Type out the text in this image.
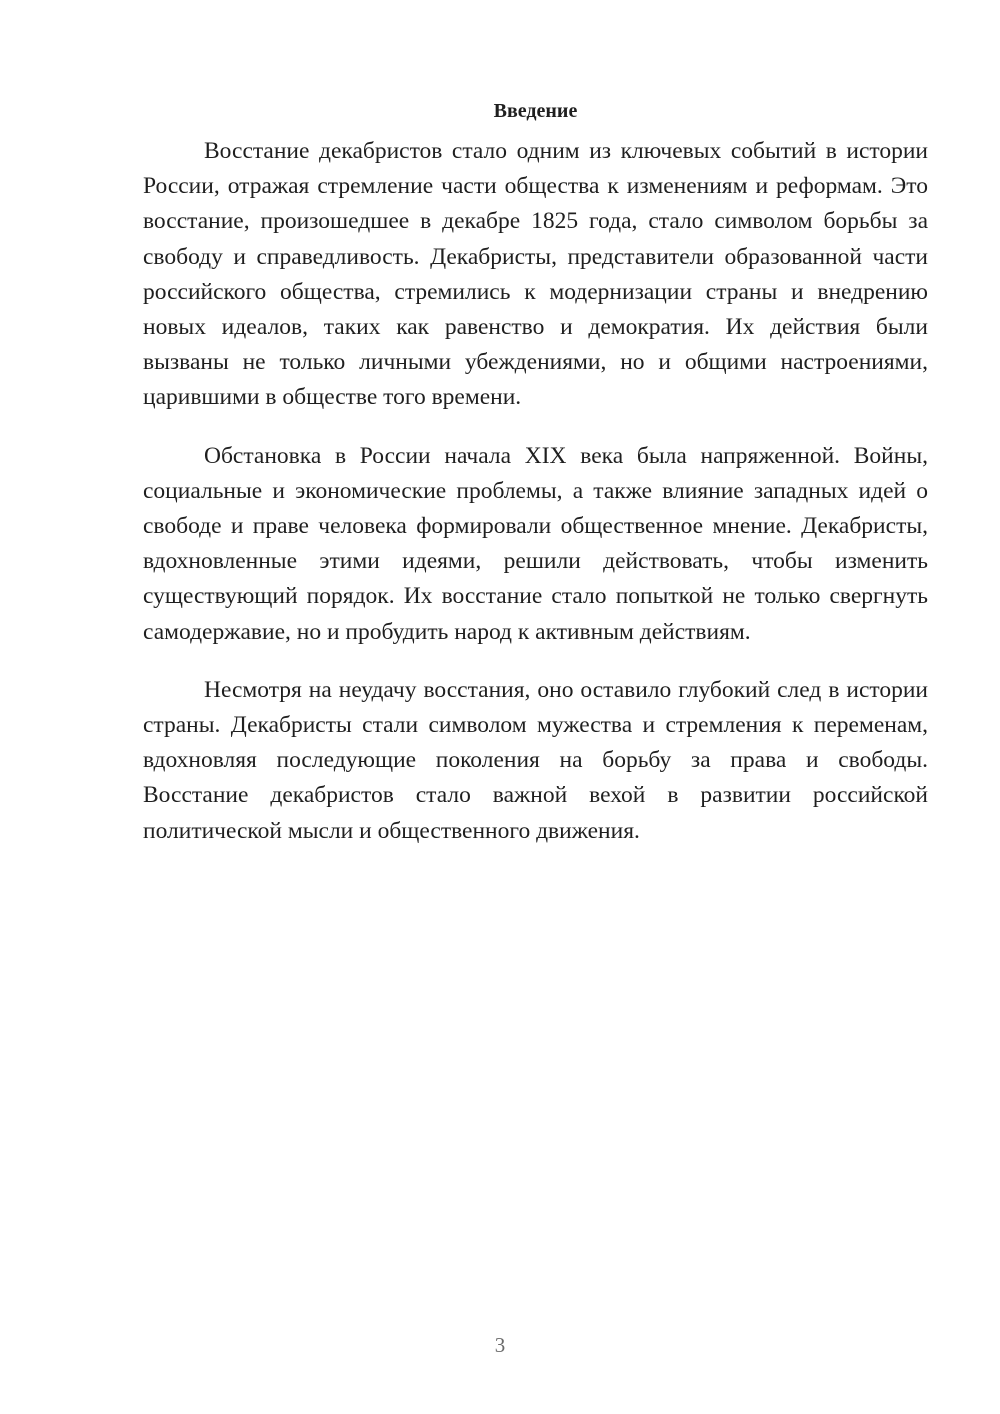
Введение

Восстание декабристов стало одним из ключевых событий в истории России, отражая стремление части общества к изменениям и реформам. Это восстание, произошедшее в декабре 1825 года, стало символом борьбы за свободу и справедливость. Декабристы, представители образованной части российского общества, стремились к модернизации страны и внедрению новых идеалов, таких как равенство и демократия. Их действия были вызваны не только личными убеждениями, но и общими настроениями, царившими в обществе того времени.

Обстановка в России начала XIX века была напряженной. Войны, социальные и экономические проблемы, а также влияние западных идей о свободе и праве человека формировали общественное мнение. Декабристы, вдохновленные этими идеями, решили действовать, чтобы изменить существующий порядок. Их восстание стало попыткой не только свергнуть самодержавие, но и пробудить народ к активным действиям.

Несмотря на неудачу восстания, оно оставило глубокий след в истории страны. Декабристы стали символом мужества и стремления к переменам, вдохновляя последующие поколения на борьбу за права и свободы. Восстание декабристов стало важной вехой в развитии российской политической мысли и общественного движения.

3
